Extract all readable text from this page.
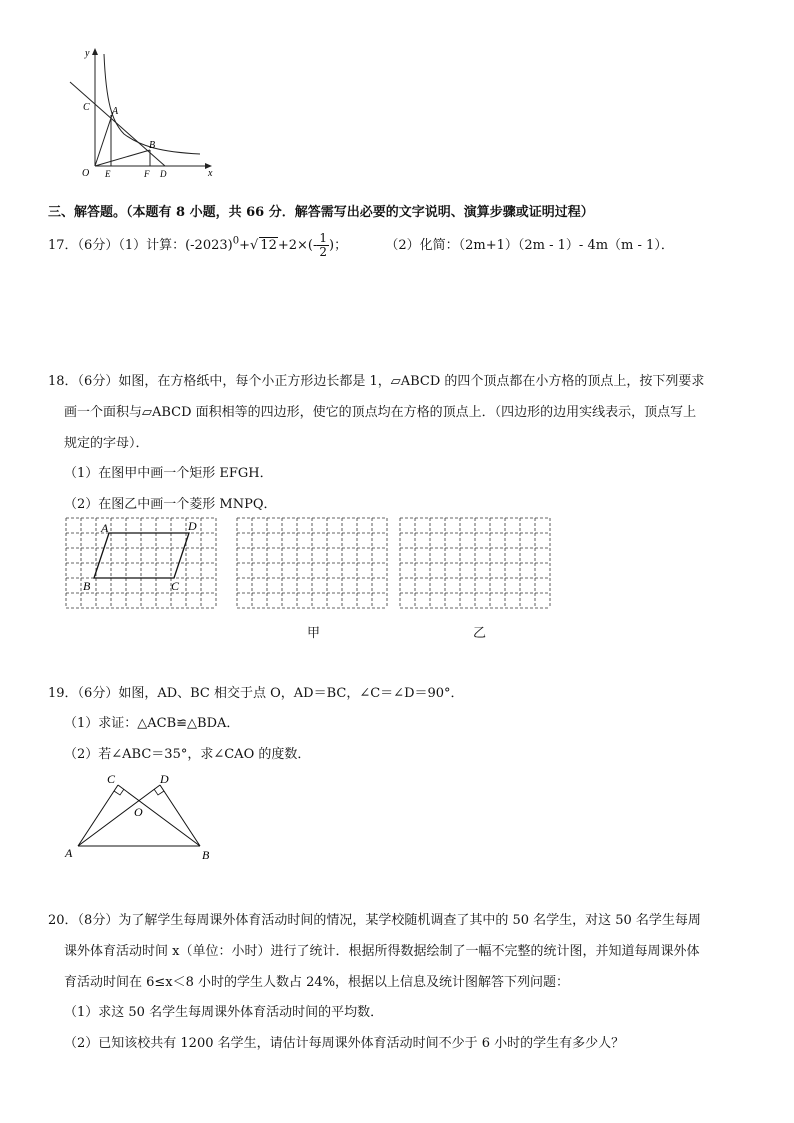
y
x
C A
B
O E	F D
三、解答题。（本题有 8 小题，共 66 分．解答需写出必要的文字说明、演算步骤或证明过程）
17．（6分）（1）计算：$(-2023)^0+√$ $12+2\times(- \frac{1}{2}$ )；	（2）化简：（2m+1）（2m - 1）- 4m（m - 1）．
18．（6分）如图，在方格纸中，每个小正方形边长都是 1，▱ABCD 的四个顶点都在小方格的顶点上，按下列要求
画一个面积与▱ABCD 面积相等的四边形，使它的顶点均在方格的顶点上．（四边形的边用实线表示，顶点写上
规定的字母）．
（1）在图甲中画一个矩形 EFGH．
（2）在图乙中画一个菱形 MNPQ．
A	D
B	C
甲	乙
19．（6分）如图，AD、BC 相交于点 O，AD＝BC，∠C＝∠D＝90°．
（1）求证：△ACB≌△BDA．
（2）若∠ABC＝35°，求∠CAO 的度数．
C	D
O
A	B
20．（8分）为了解学生每周课外体育活动时间的情况，某学校随机调查了其中的 50 名学生，对这 50 名学生每周
课外体育活动时间 x（单位：小时）进行了统计．根据所得数据绘制了一幅不完整的统计图，并知道每周课外体
育活动时间在 6≤x＜8 小时的学生人数占 24%，根据以上信息及统计图解答下列问题：
（1）求这 50 名学生每周课外体育活动时间的平均数．
（2）已知该校共有 1200 名学生，请估计每周课外体育活动时间不少于 6 小时的学生有多少人？
